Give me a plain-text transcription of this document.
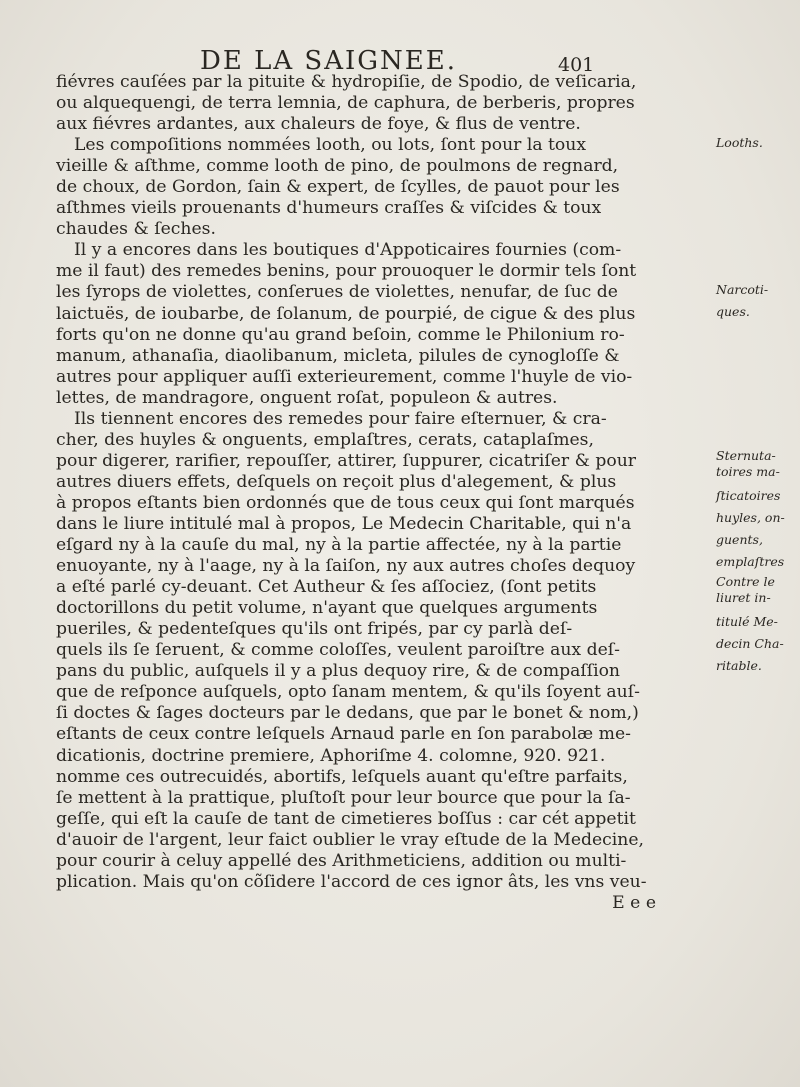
DE LA SAIGNEE.	401
fiévres cauſées par la pituite & hydropiſie, de Spodio, de veſicaria,
ou alquequengi, de terra lemnia, de caphura, de berberis, propres
aux fiévres ardantes, aux chaleurs de foye, & flus de ventre.
Les compoſitions nommées looth, ou lots, ſont pour la toux
vieille & aſthme, comme looth de pino, de poulmons de regnard,
de choux, de Gordon, ſain & expert, de ſcylles, de pauot pour les
aſthmes vieils prouenants d'humeurs craſſes & viſcides & toux
chaudes & ſeches.
Il y a encores dans les boutiques d'Appoticaires fournies (com-
me il faut) des remedes benins, pour prouoquer le dormir tels ſont
les ſyrops de violettes, conſerues de violettes, nenufar, de ſuc de
laictuës, de ioubarbe, de ſolanum, de pourpié, de cigue & des plus
forts qu'on ne donne qu'au grand beſoin, comme le Philonium ro-
manum, athanaſia, diaolibanum, micleta, pilules de cynogloſſe &
autres pour appliquer auſſi exterieurement, comme l'huyle de vio-
lettes, de mandragore, onguent roſat, populeon & autres.
Ils tiennent encores des remedes pour faire eſternuer, & cra-
cher, des huyles & onguents, emplaſtres, cerats, cataplaſmes,
pour digerer, rarifier, repouſſer, attirer, ſuppurer, cicatriſer & pour
autres diuers effets, deſquels on reçoit plus d'alegement, & plus
à propos eſtants bien ordonnés que de tous ceux qui ſont marqués
dans le liure intitulé mal à propos, Le Medecin Charitable, qui n'a
eſgard ny à la cauſe du mal, ny à la partie affectée, ny à la partie
enuoyante, ny à l'aage, ny à la ſaiſon, ny aux autres choſes dequoy
a eſté parlé cy-deuant. Cet Autheur & ſes aſſociez, (ſont petits
doctorillons du petit volume, n'ayant que quelques arguments
pueriles, & pedenteſques qu'ils ont fripés, par cy parlà deſ-
quels ils ſe ſeruent, & comme coloſſes, veulent paroiſtre aux deſ-
pans du public, auſquels il y a plus dequoy rire, & de compaſſion
que de reſponce auſquels, opto ſanam mentem, & qu'ils ſoyent auſ-
ſi doctes & ſages docteurs par le dedans, que par le bonet & nom,)
eſtants de ceux contre leſquels Arnaud parle en ſon parabolæ me-
dicationis, doctrine premiere, Aphoriſme 4. colomne, 920. 921.
nomme ces outrecuidés, abortifs, leſquels auant qu'eſtre parfaits,
ſe mettent à la prattique, pluſtoſt pour leur bource que pour la ſa-
geſſe, qui eſt la cauſe de tant de cimetieres boſſus : car cét appetit
d'auoir de l'argent, leur faict oublier le vray eſtude de la Medecine,
pour courir à celuy appellé des Arithmeticiens, addition ou multi-
plication. Mais qu'on cõſidere l'accord de ces ignor âts, les vns veu-
E e e
Looths.
Narcoti-
ques.
Sternuta-
toires ma-
ſticatoires
huyles, on-
guents,
emplaſtres
Contre le
liuret in-
titulé Me-
decin Cha-
ritable.
